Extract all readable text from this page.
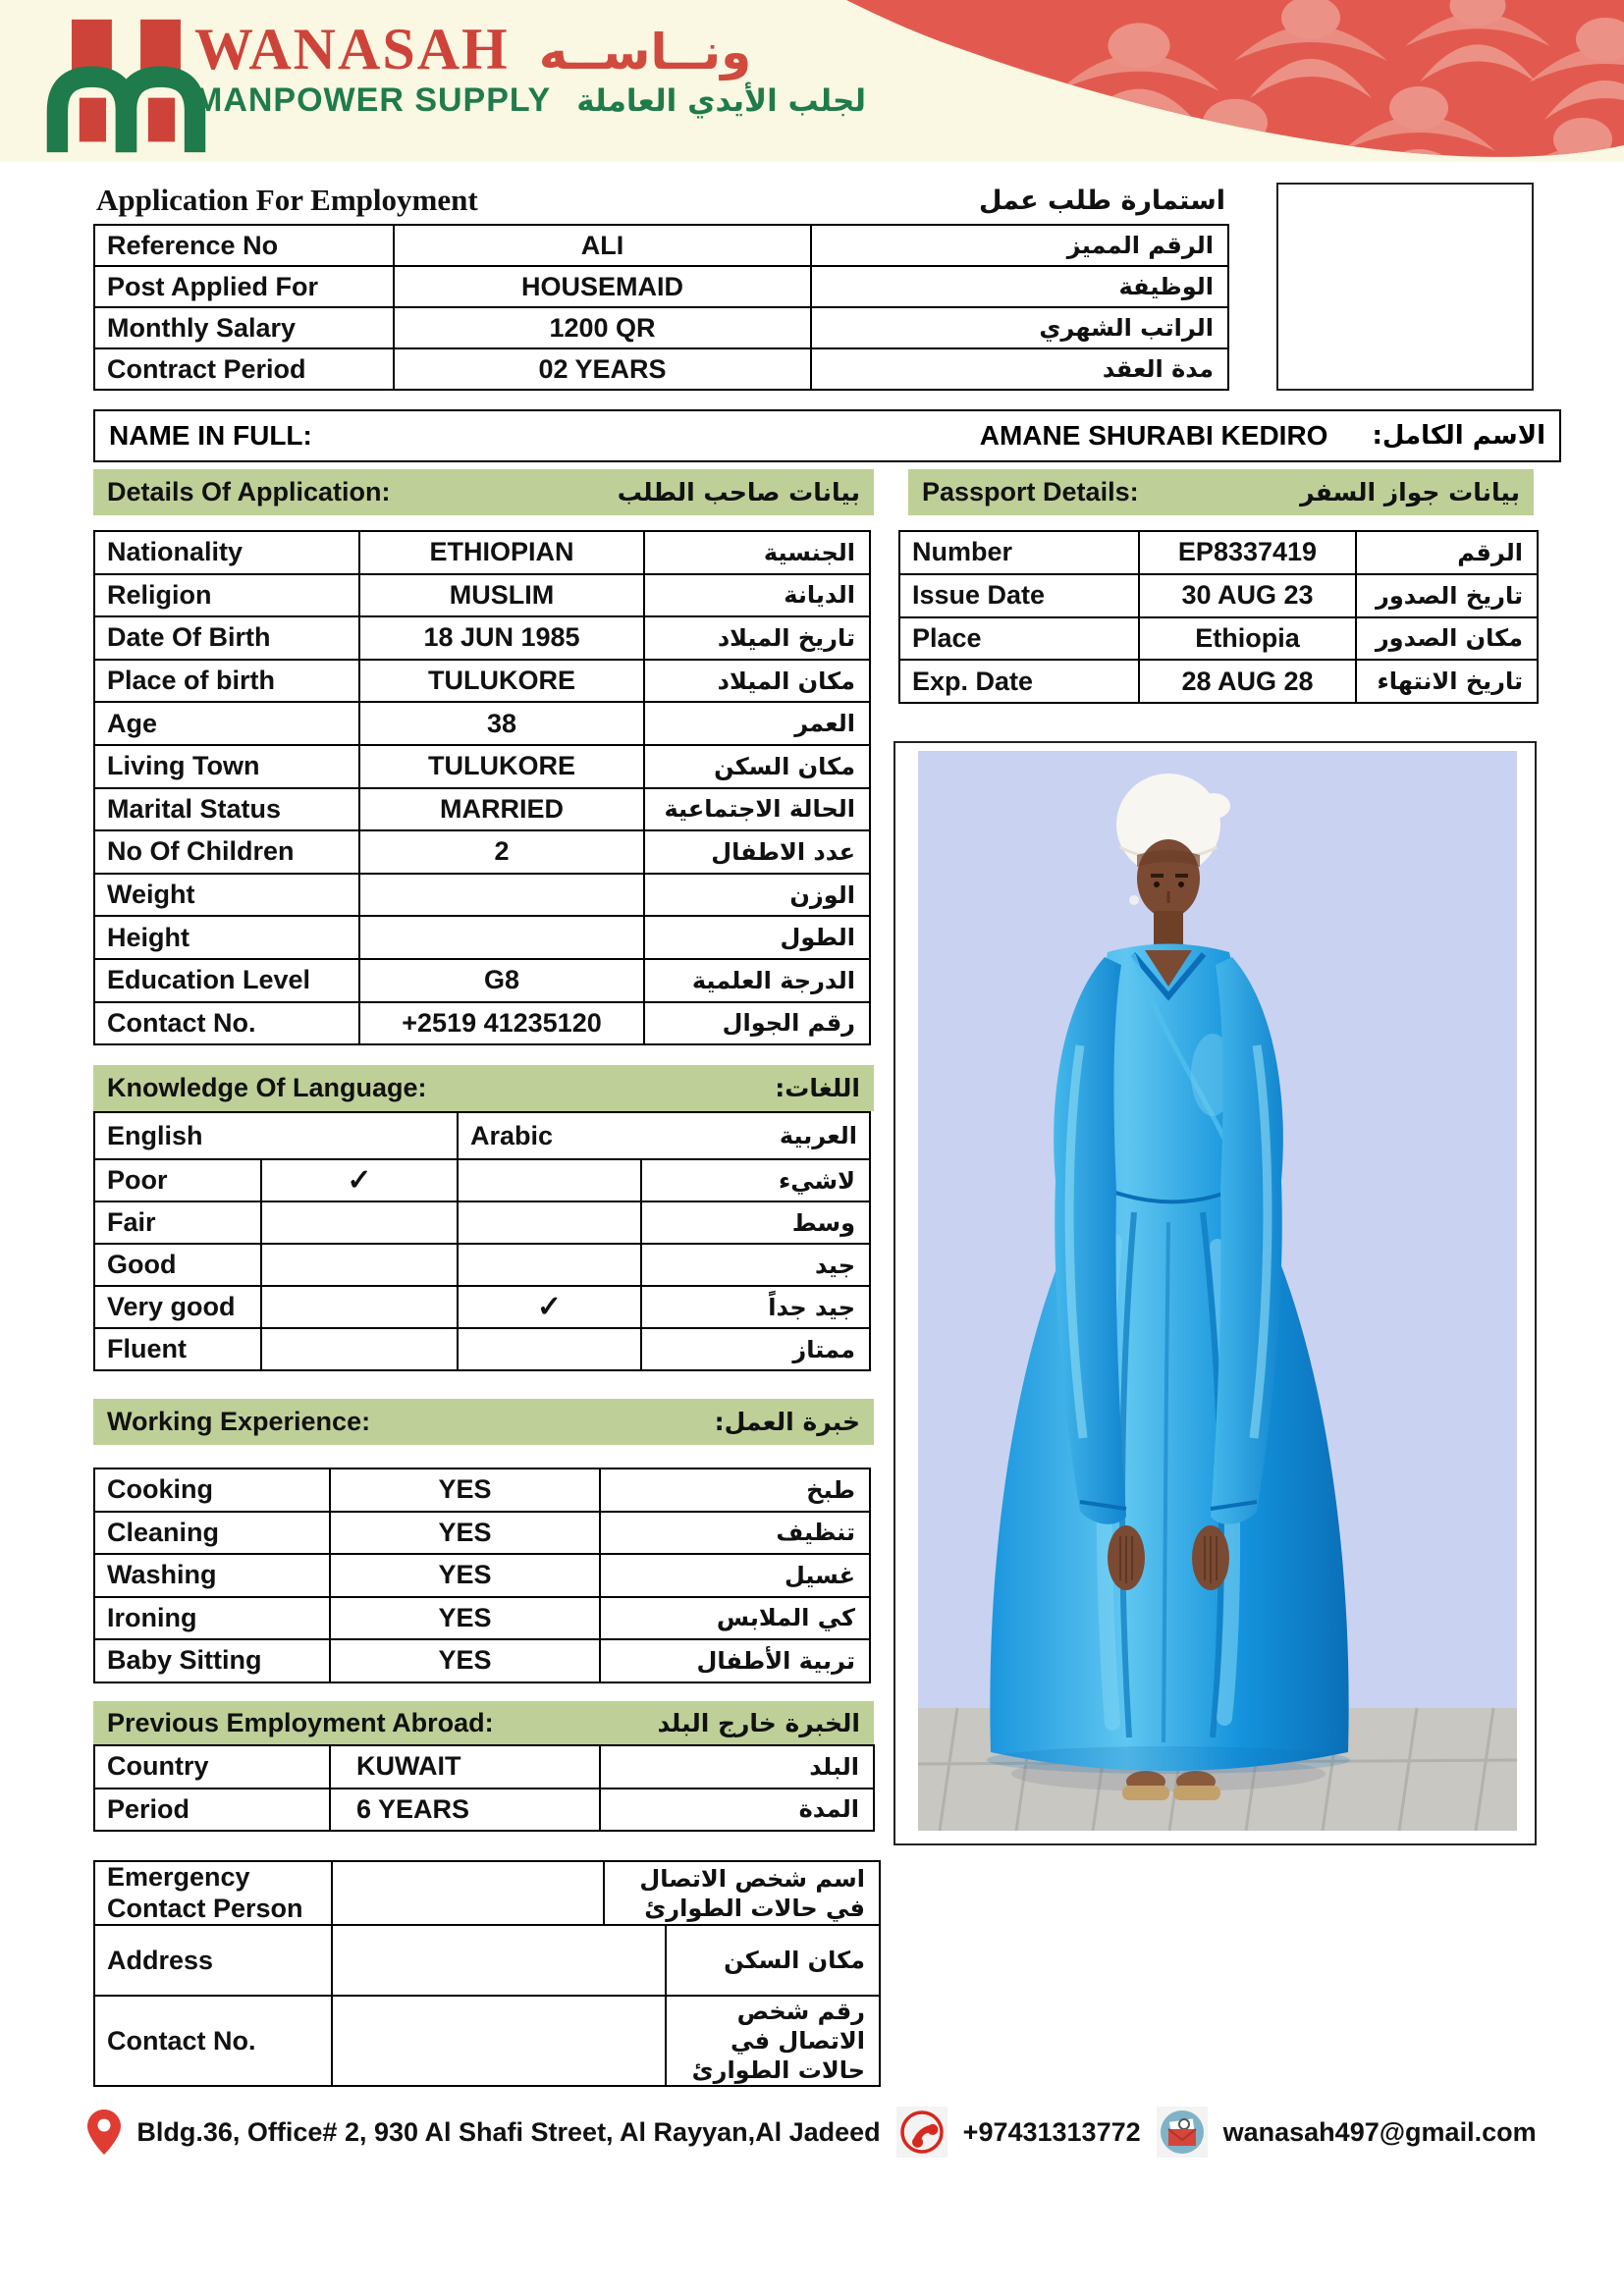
WANASAH ونــاســه
MANPOWER SUPPLY لجلب الأيدي العاملة
Application For Employment	استمارة طلب عمل
Reference No	ALI	الرقم المميز
Post Applied For	HOUSEMAID	الوظيفة
Monthly Salary	1200 QR	الراتب الشهري
Contract Period	02 YEARS	مدة العقد
NAME IN FULL:	AMANE SHURABI KEDIRO الاسم الكامل:
Details Of Application:	بيانات صاحب الطلب Passport Details:	بيانات جواز السفر
Nationality	ETHIOPIAN	الجنسية
Religion	MUSLIM	الديانة
Date Of Birth	18 JUN 1985	تاريخ الميلاد
Place of birth	TULUKORE	مكان الميلاد
Age	38	العمر
Living Town	TULUKORE	مكان السكن
Marital Status	MARRIED	الحالة الاجتماعية
No Of Children	2	عدد الاطفال
Weight		الوزن
Height		الطول
Education Level	G8	الدرجة العلمية
Contact No.	+2519 41235120	رقم الجوال
Number	EP8337419	الرقم
Issue Date	30 AUG 23	تاريخ الصدور
Place	Ethiopia	مكان الصدور
Exp. Date	28 AUG 28	تاريخ الانتهاء
Knowledge Of Language:	اللغات:
English		Arabic العربية	

Poor	✓		لاشيء
Fair			وسط
Good			جيد
Very good		✓	جيد جداً
Fluent			ممتاز
Working Experience:	خبرة العمل:
Cooking	YES	طبخ
Cleaning	YES	تنظيف
Washing	YES	غسيل
Ironing	YES	كي الملابس
Baby Sitting	YES	تربية الأطفال
Previous Employment Abroad:	الخبرة خارج البلد
Country	KUWAIT	البلد
Period	6 YEARS	المدة
Emergency Contact Person		اسم شخص الاتصال في حالات الطوارئ
Address		مكان السكن
Contact No.		رقم شخص الاتصال في حالات الطوارئ
Bldg.36, Office# 2, 930 Al Shafi Street, Al Rayyan,Al Jadeed	+97431313772	wanasah497@gmail.com
